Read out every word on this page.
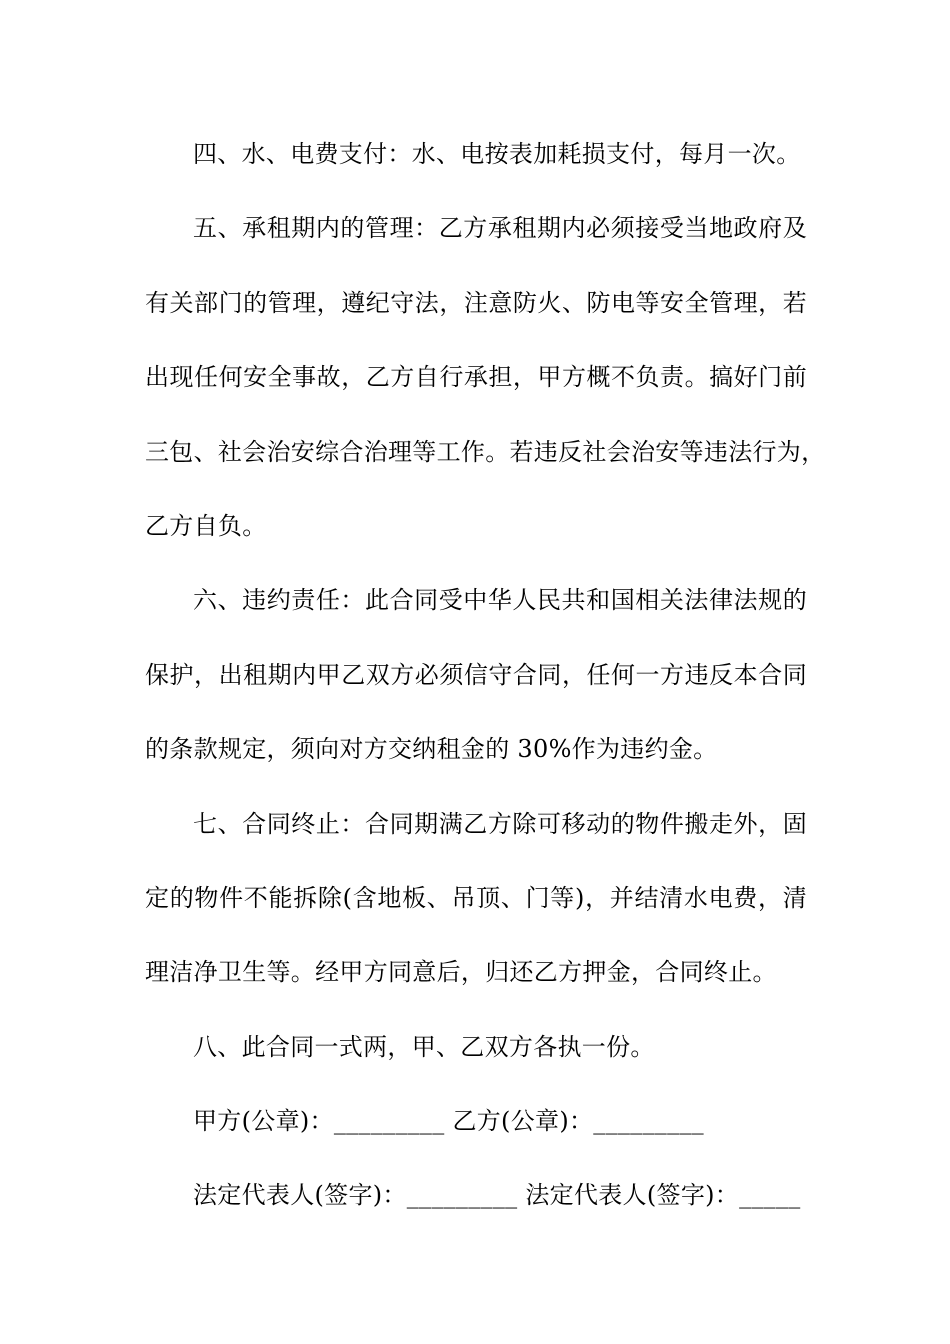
四、水、电费支付：水、电按表加耗损支付，每月一次。
五、承租期内的管理：乙方承租期内必须接受当地政府及
有关部门的管理，遵纪守法，注意防火、防电等安全管理，若
出现任何安全事故，乙方自行承担，甲方概不负责。搞好门前
三包、社会治安综合治理等工作。若违反社会治安等违法行为，
乙方自负。
六、违约责任：此合同受中华人民共和国相关法律法规的
保护，出租期内甲乙双方必须信守合同，任何一方违反本合同
的条款规定，须向对方交纳租金的 30%作为违约金。
七、合同终止：合同期满乙方除可移动的物件搬走外，固
定的物件不能拆除(含地板、吊顶、门等)，并结清水电费，清
理洁净卫生等。经甲方同意后，归还乙方押金，合同终止。
八、此合同一式两，甲、乙双方各执一份。
甲方(公章)：_________ 乙方(公章)：_________
法定代表人(签字)：_________ 法定代表人(签字)：_____
